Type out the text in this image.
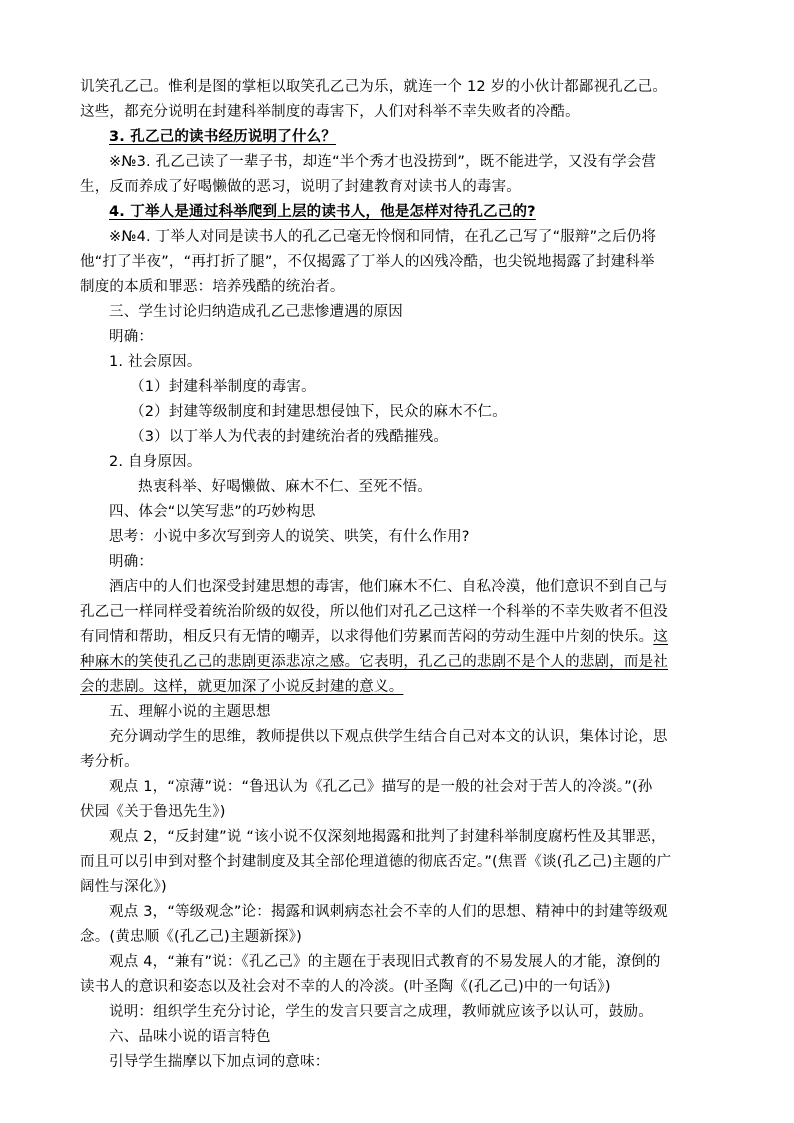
讥笑孔乙己。惟利是图的掌柜以取笑孔乙己为乐，就连一个 12 岁的小伙计都鄙视孔乙己。
这些，都充分说明在封建科举制度的毒害下，人们对科举不幸失败者的冷酷。
3. 孔乙己的读书经历说明了什么？
※№3. 孔乙己读了一辈子书，却连“半个秀才也没捞到”，既不能进学，又没有学会营
生，反而养成了好喝懒做的恶习，说明了封建教育对读书人的毒害。
4. 丁举人是通过科举爬到上层的读书人，他是怎样对待孔乙己的?
※№4. 丁举人对同是读书人的孔乙己毫无怜悯和同情，在孔乙己写了“服辩”之后仍将
他“打了半夜”，“再打折了腿”，不仅揭露了丁举人的凶残冷酷，也尖锐地揭露了封建科举
制度的本质和罪恶：培养残酷的统治者。
三、学生讨论归纳造成孔乙己悲惨遭遇的原因
明确：
1. 社会原因。
（1）封建科举制度的毒害。
（2）封建等级制度和封建思想侵蚀下，民众的麻木不仁。
（3）以丁举人为代表的封建统治者的残酷摧残。
2. 自身原因。
热衷科举、好喝懒做、麻木不仁、至死不悟。
四、体会“以笑写悲”的巧妙构思
思考：小说中多次写到旁人的说笑、哄笑，有什么作用?
明确：
酒店中的人们也深受封建思想的毒害，他们麻木不仁、自私冷漠，他们意识不到自己与
孔乙己一样同样受着统治阶级的奴役，所以他们对孔乙己这样一个科举的不幸失败者不但没
有同情和帮助，相反只有无情的嘲弄，以求得他们劳累而苦闷的劳动生涯中片刻的快乐。这
种麻木的笑使孔乙己的悲剧更添悲凉之感。它表明，孔乙己的悲剧不是个人的悲剧，而是社
会的悲剧。这样，就更加深了小说反封建的意义。
五、理解小说的主题思想
充分调动学生的思维，教师提供以下观点供学生结合自己对本文的认识，集体讨论，思
考分析。
观点 1，“凉薄”说：“鲁迅认为《孔乙己》描写的是一般的社会对于苦人的冷淡。”(孙
伏园《关于鲁迅先生》)
观点 2，“反封建”说 “该小说不仅深刻地揭露和批判了封建科举制度腐朽性及其罪恶，
而且可以引申到对整个封建制度及其全部伦理道德的彻底否定。”(焦晋《谈(孔乙己)主题的广
阔性与深化》)
观点 3，“等级观念”论：揭露和讽刺病态社会不幸的人们的思想、精神中的封建等级观
念。(黄忠顺《(孔乙己)主题新探》)
观点 4，“兼有”说：《孔乙己》的主题在于表现旧式教育的不易发展人的才能，潦倒的
读书人的意识和姿态以及社会对不幸的人的冷淡。(叶圣陶《(孔乙己)中的一句话》)
说明：组织学生充分讨论，学生的发言只要言之成理，教师就应该予以认可，鼓励。
六、品味小说的语言特色
引导学生揣摩以下加点词的意味：
